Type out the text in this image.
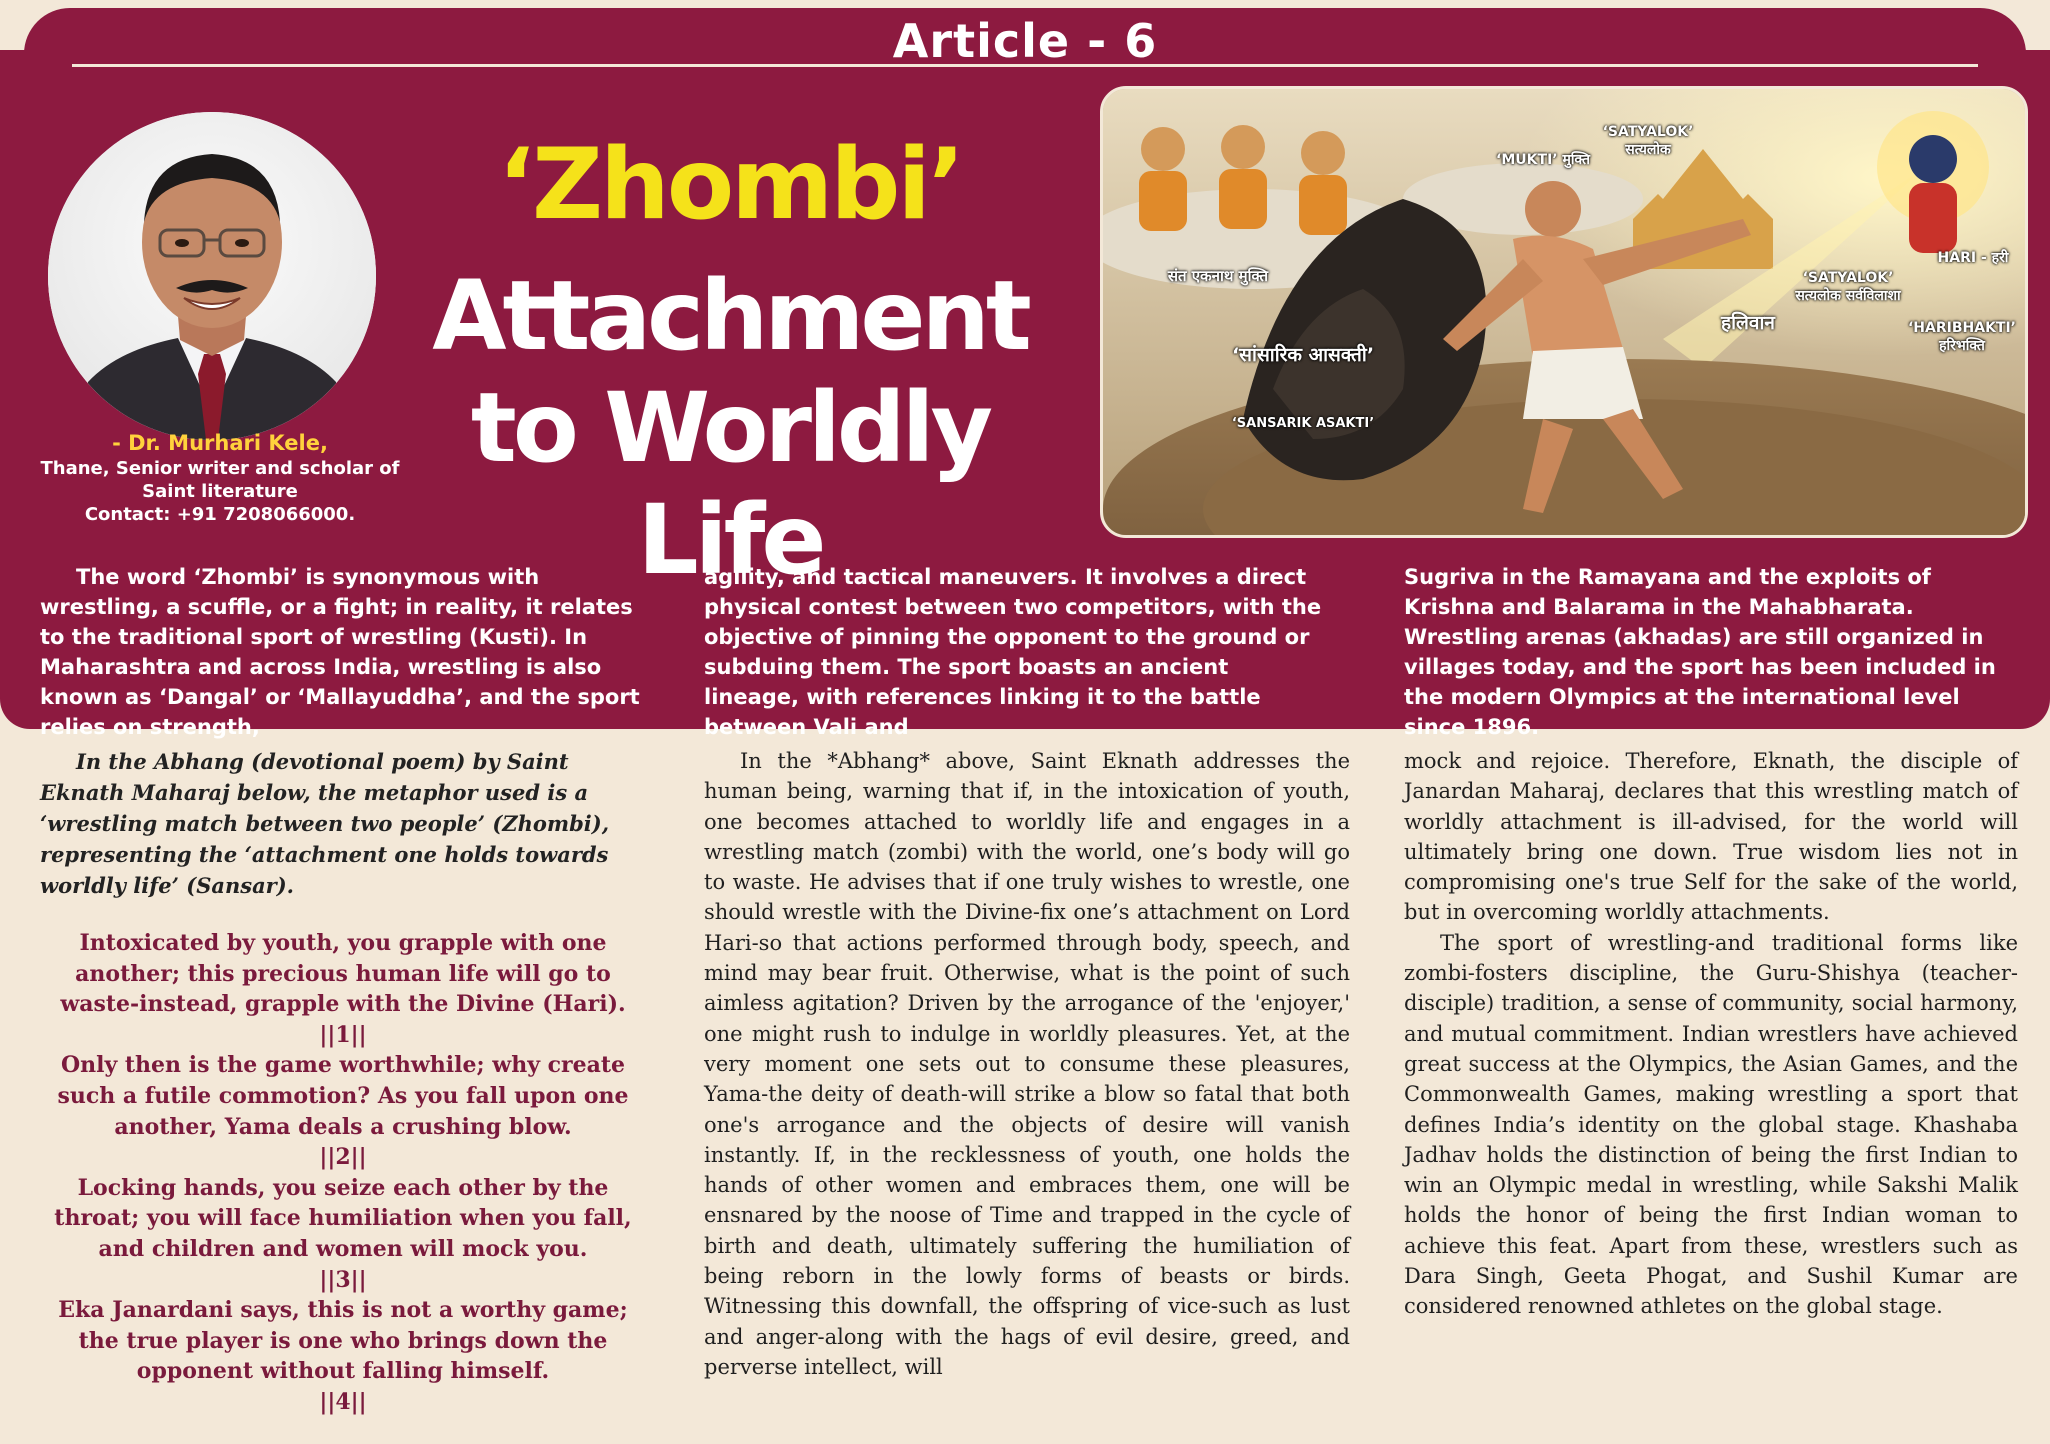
Article - 6
- Dr. Murhari Kele,
Thane, Senior writer and scholar of Saint literature
Contact: +91 7208066000.
‘Zhombi’
Attachment to Worldly Life
संत एकनाथ मुक्ति
‘MUKTI’ मुक्ति
‘SATYALOK’ सत्यलोक
HARI - हरी
‘SATYALOK’ सत्यलोक सर्वविलाशा
‘HARIBHAKTI’ हरिभक्ति
हलिवान
‘सांसारिक आसक्ती’
‘SANSARIK ASAKTI’

The word ‘Zhombi’ is synonymous with wrestling, a scuffle, or a fight; in reality, it relates to the traditional sport of wrestling (Kusti). In Maharashtra and across India, wrestling is also known as ‘Dangal’ or ‘Mallayuddha’, and the sport relies on strength,

agility, and tactical maneuvers. It involves a direct physical contest between two competitors, with the objective of pinning the opponent to the ground or subduing them. The sport boasts an ancient lineage, with references linking it to the battle between Vali and

Sugriva in the Ramayana and the exploits of Krishna and Balarama in the Mahabharata. Wrestling arenas (akhadas) are still organized in villages today, and the sport has been included in the modern Olympics at the international level since 1896.

In the Abhang (devotional poem) by Saint Eknath Maharaj below, the metaphor used is a ‘wrestling match between two people’ (Zhombi), representing the ‘attachment one holds towards worldly life’ (Sansar).

Intoxicated by youth, you grapple with one another; this precious human life will go to waste-instead, grapple with the Divine (Hari).

||1||

Only then is the game worthwhile; why create such a futile commotion? As you fall upon one another, Yama deals a crushing blow.

||2||

Locking hands, you seize each other by the throat; you will face humiliation when you fall, and children and women will mock you.

||3||

Eka Janardani says, this is not a worthy game; the true player is one who brings down the opponent without falling himself.

||4||

In the *Abhang* above, Saint Eknath addresses the human being, warning that if, in the intoxication of youth, one becomes attached to worldly life and engages in a wrestling match (zombi) with the world, one’s body will go to waste. He advises that if one truly wishes to wrestle, one should wrestle with the Divine-fix one’s attachment on Lord Hari-so that actions performed through body, speech, and mind may bear fruit. Otherwise, what is the point of such aimless agitation? Driven by the arrogance of the 'enjoyer,' one might rush to indulge in worldly pleasures. Yet, at the very moment one sets out to consume these pleasures, Yama-the deity of death-will strike a blow so fatal that both one's arrogance and the objects of desire will vanish instantly. If, in the recklessness of youth, one holds the hands of other women and embraces them, one will be ensnared by the noose of Time and trapped in the cycle of birth and death, ultimately suffering the humiliation of being reborn in the lowly forms of beasts or birds. Witnessing this downfall, the offspring of vice-such as lust and anger-along with the hags of evil desire, greed, and perverse intellect, will

mock and rejoice. Therefore, Eknath, the disciple of Janardan Maharaj, declares that this wrestling match of worldly attachment is ill-advised, for the world will ultimately bring one down. True wisdom lies not in compromising one's true Self for the sake of the world, but in overcoming worldly attachments.

The sport of wrestling-and traditional forms like zombi-fosters discipline, the Guru-Shishya (teacher-disciple) tradition, a sense of community, social harmony, and mutual commitment. Indian wrestlers have achieved great success at the Olympics, the Asian Games, and the Commonwealth Games, making wrestling a sport that defines India’s identity on the global stage. Khashaba Jadhav holds the distinction of being the first Indian to win an Olympic medal in wrestling, while Sakshi Malik holds the honor of being the first Indian woman to achieve this feat. Apart from these, wrestlers such as Dara Singh, Geeta Phogat, and Sushil Kumar are considered renowned athletes on the global stage.
